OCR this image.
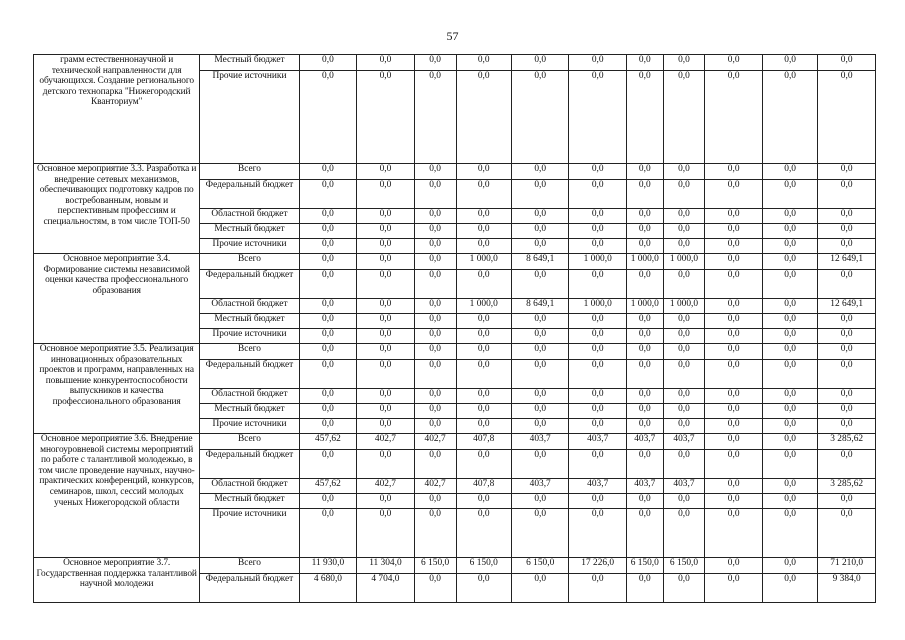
57
грамм естественнонаучной и технической направленности для обучающихся. Создание регионального детского технопарка "Нижегородский Кванториум"	Местный бюджет	0,0	0,0	0,0	0,0	0,0	0,0	0,0	0,0	0,0	0,0	0,0
	Прочие источники	0,0	0,0	0,0	0,0	0,0	0,0	0,0	0,0	0,0	0,0	0,0
Основное мероприятие 3.3. Разработка и внедрение сетевых механизмов, обеспечивающих подготовку кадров по востребованным, новым и перспективным профессиям и специальностям, в том числе ТОП-50	Всего	0,0	0,0	0,0	0,0	0,0	0,0	0,0	0,0	0,0	0,0	0,0
	Федеральный бюджет	0,0	0,0	0,0	0,0	0,0	0,0	0,0	0,0	0,0	0,0	0,0
	Областной бюджет	0,0	0,0	0,0	0,0	0,0	0,0	0,0	0,0	0,0	0,0	0,0
	Местный бюджет	0,0	0,0	0,0	0,0	0,0	0,0	0,0	0,0	0,0	0,0	0,0
	Прочие источники	0,0	0,0	0,0	0,0	0,0	0,0	0,0	0,0	0,0	0,0	0,0
Основное мероприятие 3.4. Формирование системы независимой оценки качества профессионального образования	Всего	0,0	0,0	0,0	1 000,0	8 649,1	1 000,0	1 000,0	1 000,0	0,0	0,0	12 649,1
	Федеральный бюджет	0,0	0,0	0,0	0,0	0,0	0,0	0,0	0,0	0,0	0,0	0,0
	Областной бюджет	0,0	0,0	0,0	1 000,0	8 649,1	1 000,0	1 000,0	1 000,0	0,0	0,0	12 649,1
	Местный бюджет	0,0	0,0	0,0	0,0	0,0	0,0	0,0	0,0	0,0	0,0	0,0
	Прочие источники	0,0	0,0	0,0	0,0	0,0	0,0	0,0	0,0	0,0	0,0	0,0
Основное мероприятие 3.5. Реализация инновационных образовательных проектов и программ, направленных на повышение конкурентоспособности выпускников и качества профессионального образования	Всего	0,0	0,0	0,0	0,0	0,0	0,0	0,0	0,0	0,0	0,0	0,0
	Федеральный бюджет	0,0	0,0	0,0	0,0	0,0	0,0	0,0	0,0	0,0	0,0	0,0
	Областной бюджет	0,0	0,0	0,0	0,0	0,0	0,0	0,0	0,0	0,0	0,0	0,0
	Местный бюджет	0,0	0,0	0,0	0,0	0,0	0,0	0,0	0,0	0,0	0,0	0,0
	Прочие источники	0,0	0,0	0,0	0,0	0,0	0,0	0,0	0,0	0,0	0,0	0,0
Основное мероприятие 3.6. Внедрение многоуровневой системы мероприятий по работе с талантливой молодежью, в том числе проведение научных, научно-практических конференций, конкурсов, семинаров, школ, сессий молодых ученых Нижегородской области	Всего	457,62	402,7	402,7	407,8	403,7	403,7	403,7	403,7	0,0	0,0	3 285,62
	Федеральный бюджет	0,0	0,0	0,0	0,0	0,0	0,0	0,0	0,0	0,0	0,0	0,0
	Областной бюджет	457,62	402,7	402,7	407,8	403,7	403,7	403,7	403,7	0,0	0,0	3 285,62
	Местный бюджет	0,0	0,0	0,0	0,0	0,0	0,0	0,0	0,0	0,0	0,0	0,0
	Прочие источники	0,0	0,0	0,0	0,0	0,0	0,0	0,0	0,0	0,0	0,0	0,0
Основное мероприятие 3.7. Государственная поддержка талантливой научной молодежи	Всего	11 930,0	11 304,0	6 150,0	6 150,0	6 150,0	17 226,0	6 150,0	6 150,0	0,0	0,0	71 210,0
	Федеральный бюджет	4 680,0	4 704,0	0,0	0,0	0,0	0,0	0,0	0,0	0,0	0,0	9 384,0
